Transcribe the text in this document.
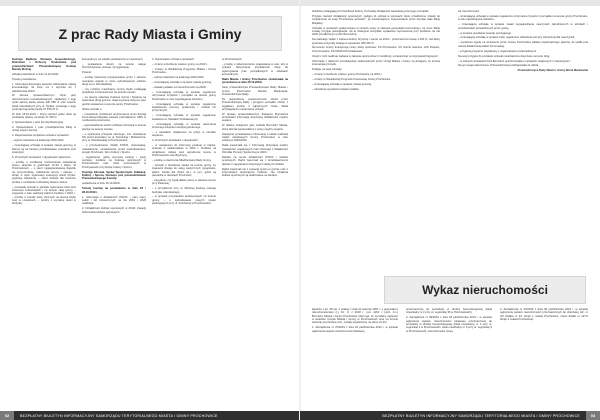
Z prac Rady Miasta i Gminy

Komisja Budżetu, Rozwoju Gospodarczego, Rolnictwa i Ochrony Środowiska pod przewodnictwem Przewodniczącej Komisji Renaty Woźnej

odbyła posiedzenie w dniu 11.10.2019r.

Tematy posiedzenia:

1. Informacja dotycząca sposobu odśnieżania miasta komunalnego na zimę od 1 stycznia do 7 października 2019 r.

W okresie sprawozdawczym zbyto pięć nieruchomości niezabudowanych, najdłuższy z tego tytułu łączną kwotę kwota 240 580 zł oraz sześciu lokali mieszkalnych przy ul. Śmiłka, uzyskując z tego tytułu łączną kwotę kwotę 97 876,70 zł.

W dniu 15.10.2019 r. zbyto również jeden lokal na podstawie ustawy na kwotę 37 400 zł.

2. Sprawozdanie z prac Komisji Rewizyjnej.

3. Sprawozdanie z prac przedsiębiorstw Rady w nowej edycji i komisji.

4. Zaopiniowanie projektów uchwał w sprawach:

– wyboru ławników na kadencję 2020-2023,

– zmieniającej uchwałę w sprawie miasta gminnej, w którym są na bieżąco przedstawiane wniosków oraz inwestycji.

5. W wolnych wnioskach i zapytaniach zgłoszono:

– prośbę o możliwość uruchomienia oświetlenia terenu skwerka w godzinach 10.00 z Dębu. W Prochowicach, – o ciecz zagwarantowanej dojazdu na oczyszczalnię, zaślubienie terenu i zakupu, – obręb w rejon wykonanej inwestycji wokół Rynku, poprawę zalesienia, – zwrot ścieżek dla rowerów, prośbę o możliwość rozbudowy skweru zieleni.

– pozostałe wnioski w sprawie wykonania robót oraz inwestycji Lubinowskich i na terenie całej gminy, – zapytanie o stan realizacji założeń budżetu z 2019 r., – prośba o montaż lamp ulicznych na terenie Dębu oraz w Lisowicach, – prośby o wymianę okien w budynku.

komunalnym na osiedlu powstańców w Lisowicach,

– postawienie donicy na terenie całego Szczodrzykowa; pracuje i przygotowuje.

Pytanie:

– prośbę zwrócenia przygotowanie przez z zakresu usunięcia usterek w nowo wybudowanym odcinku drogi na ul. Wrocławskiej.

– czy możliwy mieszkańcy Gminy Dębu podlegają projektowi za konieczność na terenie Lisowic,

– na terenie sołectwa Gaśnica Górna i Spalona są wykonane drogi gminne, skąd wymiana dróg ten pięć godzin ustawiona na terenie gminy Prochowice.

Wolne wnioski o:

– rozważenie możliwości uruchomienia przez Zarząd Komunikacji Miejskiej Lisiewie pracodawcom SMS (z możliwością tworzenia),

– wyprowadzenie wiórki ruchliwie informacji w terenie placów na terenie Lisowic,

– o wykonanie przejścia ulicznego, tzw. oświetlenie SN przed kościołem na ul. Kościelnej i Mickiewicza, przy ul. Wrocławskiej w Prochowicach,

– o przebudowanie działki POKiS, stanowiącej, uzasadnienie, uzasadnienie przed wybudowaniem, projekt Prochowic, Dom Kultury i Sportu,

– wyjaśnienie, gdzie wynoszą (sołtys) i tytuły wymiany środków na budowę sportowych w Prochowicach oraz robót remontowych w Prochowicach przy Dębie Kultury i Sportu.

Komisja Zdrowia, Spraw Społecznych, Edukacji, Kultury i Sportu, Rozwoju pod przewodnictwem Przewodniczącego Komisji

posiedzenie w dniu 16.10.2019r.

Tematy komisji na posiedzeniu w dniu 23 i 28.10.2019 r.

1. Informacja o działalności POKiS – plan pracy sekcji i list zamierzonych na rok 2019 i 2020 realizacja.

2. Działalności klubów sportowych w 2019r. Zasady dobrowolne klubów sportowych.

3. Opiniowanie uchwał w sprawach:

– zmiany w budżecie miasta i gminy na 2019 r.,

– zmiany w Wieloletniej Prognozie Miasta i Gminy Prochowice,

– wyboru ławników na kadencję 2020-2023,

– zmieniającej uchwałę w sprawie miasta gminnej,

– stawek podatku od nieruchomości na 2020r.,

– zmieniającej uchwałę w sprawie regulaminu utrzymania czystości i porządku na terenie gminy Prochowice w celu zapobiegania szkodom,

– zmieniającej uchwałę w sprawie regulaminu świadczenia pomocy społecznej i uchwał ich przyznanych,

– zmieniającej uchwałę w sprawie regulaminu świadczeń w Szkołach Podstawowych,

– zmieniającej uchwałę w sprawie utworzenia Gminnego Zespołu Interdyscyplinarnego,

– o zasadach odpłatności za pobyt w ośrodku wsparcia.

4. W wolnych wnioskach i zapytaniach:

– w nawiązaniu do informacji podanej w trakcie, wniosek o zaplanowanie w 2020 r. środków na urządzenie zabaw oraz ogrodzenie terenu w Prochowicach oraz Bystrzycy,

– prośbę o utworzenie Młodzieżowej Rady Gminy,

– wnioski o określenie zasad na terenie gminy, by zapewnić dostęp do usług medycznych (pogotowie, lekarz, szkoła dla dzieci itp.), w tym, gdzie są pieniądze w okolicach Prochowic,

– zapytanie, czy będą dalsze plany w zakresie terenu przy Parkowej,

– o przydatność przy ul. Różanej budowy nowego budynku mieszkalnego,

– w sprawie przystanków autobusowych na terenie gminy, – o wybudowanie nowych miejsc parkingowych przy ul. Kościelnej w Prochowicach.

w Prochowicach,

– prośbę o zabezpieczenie opakowania w celu, aby w sytuacji zatrzymania przydatności drogi do wykonywania prac porządkowych w obiektach komunalnych,

Rada Miasta i Gminy Prochowice obradowała na posiedzeniu w dniu 30.10.2019r.

Sesji przewodniczyła Przewodnicząca Rady Miasta i Gminy Prochowice Renata Maćkowiak-Przewodnicząca Rady.

Po stwierdzeniu prawomocności obrad przez Przewodniczącą Rady i przyjęciu porządku obrad, z wyjątkiem punktu 4 zgłoszonych zmian, Rada przystąpiła do rozpatrzenia uchwał.

W okresie sprawozdawczym Zastępca Burmistrza przedstawił informację dotyczącą działalności między sesjami.

W dalszej kolejności głos zabrała Burmistrz Miasta, która złożyła sprawozdanie z pracy między sesjami.

Następnie przedstawiono informację o stanie realizacji zadań oświatowych Gminy Prochowice w roku szkolnym 2018/2019.

Rada zapoznała się z informacją dotyczącą analizy oświadczeń majątkowych oraz informacji z działalności Ośrodka Pomocy Społecznej w 2019 r.

Debata na temat działalności POKiS i klubów sportowych. Radni zapoznali się z przedstawionymi planami i zapytaniami dotyczącymi dalszych działań.

Radni zapoznali się z sytuacją sportu w gminie oraz z informacjami dotyczącymi budżetu, zaś działania klubów sportowych są realizowane na bieżąco.

02	BEZPŁATNY BIULETYN INFORMACYJNY SAMORZĄDU TERYTORIALNEGO MIASTA I GMINY PROCHOWICE

obiektów podlegających Ośrodkowi Kultury. Pozostały działalność zawodową przez jego porządek.

Przyjęto również działalność sportowych, podjęto 11 uchwał w sprawach, które przedłożone zostały do rozpatrzenia na sesji "Prochowice wrzesień", po wcześniejszym zaopiniowaniu przez komisje stałe Rady Miejskiej.

Uchwały w sprawach podejmowane w ramach pracy w zakresie gospodarki komunalnej i na rzecz Rady zostały przyjęte jednogłośnie. Za to dostępnie wszystkie wydawane wyznaczenia przy budżecie na rok 2020 przedłożonym przez Burmistrza.

Na realizację zadań z zakresu kultury fizycznej i sportu na 2019 r. przeznaczono kwotę 1 000 zł, zaś kluby sportowe otrzymały dotację w wysokości 280 000 zł.

Na terenie Gminy funkcjonują cztery kluby sportowe: KS Prochowice, KS Górnik Gaśnica, LZS Dziewin, Orzeł Lisowice, KS KROKUS Kwiatkowice.

Część z nich realizuje zadania w zakresie sportu dzieci i młodzieży, uczestnicząc w rozgrywkach ligowych.

Informacje z dalszych przedsięwzięć realizowanych przez Urząd Miasta i Gminy są dostępne na stronie internetowej Urzędu.

Podjęte na sesji uchwały:

– zmiany w budżecie miasta i gminy Prochowice na 2019 r.,

– zmiany w Wieloletniej Prognozie Finansowej Gminy Prochowice,

– zmieniającej uchwałę w sprawie miasta gminnej,

– określenia wysokości stawek podatku.

od nieruchomości,

– zmieniającej uchwałę w sprawie regulaminu utrzymania czystości i porządku na terenie gminy Prochowice, w celu zapobiegania szkodom,

– zmieniającej uchwałę w sprawie zasad wynagradzania nauczycieli zatrudnionych w szkołach i przedszkolach prowadzonych przez gminę,

– w sprawie powołania zespołu opiniującego,

– zmieniającej uchwałę w sprawie trybu regulaminu udzielania pomocy zdrowotnej dla nauczycieli,

– wyrażenia zgody na wniesienie przez Gminę Prochowice wkładu niepieniężnego (aportu) do spółki pod nazwą Zakład Gospodarki Komunalnej,

– przyjęcia programu współpracy z organizacjami pozarządowymi.

Na sesji przyjęto do protokołu wnioski mieszkańców dotyczące remontu dróg,

– w wolnych wnioskach Pani Burmistrz poinformowała o sprawach związanych z inwestycjami.

Na tym sesja zakończona. Przewodnicząca podziękowała za udział.

Przewodnicząca Rady Miasta i Gminy Maria Maćkowiak

Wykaz nieruchomości

Zgodnie z art. 35 ust. 1 ustawy z dnia 21 sierpnia 1997 r. o gospodarce nieruchomościami (t.j. Dz. U. z 2018 r., poz. 2204 z późn. zm.) Burmistrz Miasta i Gminy Prochowice informuje, że na tablicy ogłoszeń w siedzibie Urzędu Miasta i Gminy w Prochowicach oraz na stronie www.bip.prochowice.com, zostały wywieszone na okres 21 dni:

1. Zarządzenie nr 70/2019 z dnia 18 października 2019 r. w sprawie ogłoszenia wykazu nieruchomości lokalowej

przeznaczonej do sprzedaży w drodze bezprzetargowej (lokal mieszkalny nr 2 przy ul. Legnickiej 35 w Prochowicach),

2. Zarządzenie nr 69/2019 z dnia 18 października 2019 r. w sprawie ogłoszenia wykazu nieruchomości lokalowej przeznaczonej do sprzedaży w drodze bezprzetargowej (lokal mieszkalny nr 3 przy ul. Legnickiej 4 w Prochowicach, lokal mieszkalny nr 3 przy ul. Legnickiej 3 w Prochowicach), nieruchomości rolnej.

3. Zarządzenie nr 61/2019 z dnia 30 października 2019 r. w sprawie ogłoszenia wykazu nieruchomości przeznaczonych do dzierżawy (dz. nr 3/2 działka nr 3/1 obręb 1 miasta Prochowice, część działki nr 127/1 obręb 3 miasta Prochowice).

03
BEZPŁATNY BIULETYN INFORMACYJNY SAMORZĄDU TERYTORIALNEGO MIASTA I GMINY PROCHOWICE
